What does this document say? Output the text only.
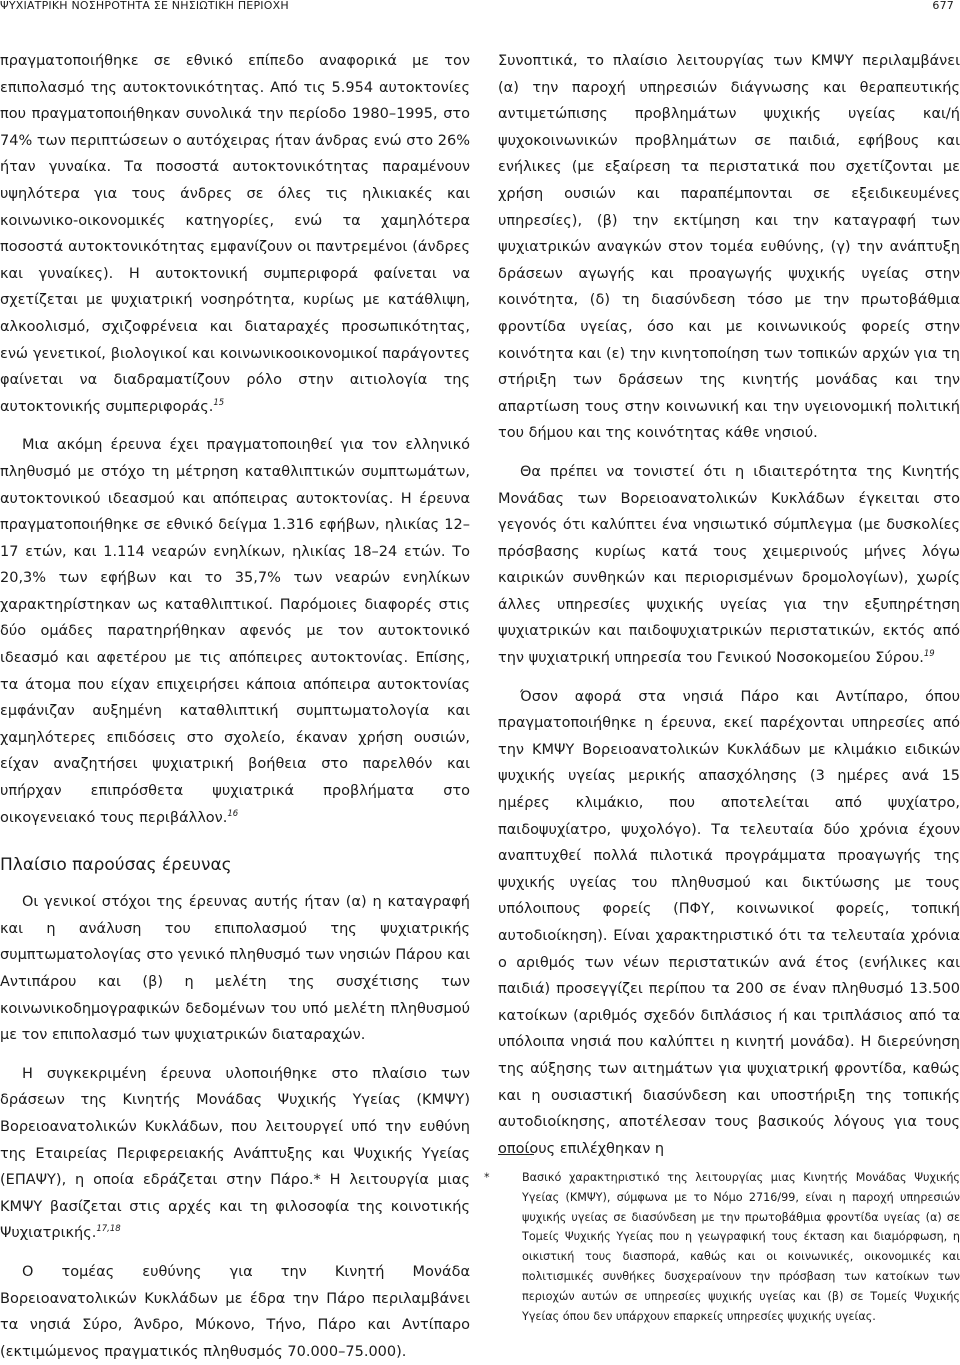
ΨΥΧΙΑΤΡΙΚΗ ΝΟΣΗΡΟΤΗΤΑ ΣΕ ΝΗΣΙΩΤΙΚΗ ΠΕΡΙΟΧΗ	677

πραγματοποιήθηκε σε εθνικό επίπεδο αναφορικά με τον επιπολασμό της αυτοκτονικότητας. Από τις 5.954 αυτοκτονίες που πραγματοποιήθηκαν συνολικά την περίοδο 1980–1995, στο 74% των περιπτώσεων ο αυτόχειρας ήταν άνδρας ενώ στο 26% ήταν γυναίκα. Τα ποσοστά αυτοκτονικότητας παραμένουν υψηλότερα για τους άνδρες σε όλες τις ηλικιακές και κοινωνικο-οικονομικές κατηγορίες, ενώ τα χαμηλότερα ποσοστά αυτοκτονικότητας εμφανίζουν οι παντρεμένοι (άνδρες και γυναίκες). Η αυτοκτονική συμπεριφορά φαίνεται να σχετίζεται με ψυχιατρική νοσηρότητα, κυρίως με κατάθλιψη, αλκοολισμό, σχιζοφρένεια και διαταραχές προσωπικότητας, ενώ γενετικοί, βιολογικοί και κοινωνικοοικονομικοί παράγοντες φαίνεται να διαδραματίζουν ρόλο στην αιτιολογία της αυτοκτονικής συμπεριφοράς.$^{15}$

Μια ακόμη έρευνα έχει πραγματοποιηθεί για τον ελληνικό πληθυσμό με στόχο τη μέτρηση καταθλιπτικών συμπτωμάτων, αυτοκτονικού ιδεασμού και απόπειρας αυτοκτονίας. Η έρευνα πραγματοποιήθηκε σε εθνικό δείγμα 1.316 εφήβων, ηλικίας 12–17 ετών, και 1.114 νεαρών ενηλίκων, ηλικίας 18–24 ετών. Το 20,3% των εφήβων και το 35,7% των νεαρών ενηλίκων χαρακτηρίστηκαν ως καταθλιπτικοί. Παρόμοιες διαφορές στις δύο ομάδες παρατηρήθηκαν αφενός με τον αυτοκτονικό ιδεασμό και αφετέρου με τις απόπειρες αυτοκτονίας. Επίσης, τα άτομα που είχαν επιχειρήσει κάποια απόπειρα αυτοκτονίας εμφάνιζαν αυξημένη καταθλιπτική συμπτωματολογία και χαμηλότερες επιδόσεις στο σχολείο, έκαναν χρήση ουσιών, είχαν αναζητήσει ψυχιατρική βοήθεια στο παρελθόν και υπήρχαν επιπρόσθετα ψυχιατρικά προβλήματα στο οικογενειακό τους περιβάλλον.$^{16}$

Πλαίσιο παρούσας έρευνας

Οι γενικοί στόχοι της έρευνας αυτής ήταν (α) η καταγραφή και η ανάλυση του επιπολασμού της ψυχιατρικής συμπτωματολογίας στο γενικό πληθυσμό των νησιών Πάρου και Αντιπάρου και (β) η μελέτη της συσχέτισης των κοινωνικοδημογραφικών δεδομένων του υπό μελέτη πληθυσμού με τον επιπολασμό των ψυχιατρικών διαταραχών.

Η συγκεκριμένη έρευνα υλοποιήθηκε στο πλαίσιο των δράσεων της Κινητής Μονάδας Ψυχικής Υγείας (ΚΜΨΥ) Βορειοανατολικών Κυκλάδων, που λειτουργεί υπό την ευθύνη της Εταιρείας Περιφερειακής Ανάπτυξης και Ψυχικής Υγείας (ΕΠΑΨΥ), η οποία εδράζεται στην Πάρο.* Η λειτουργία μιας ΚΜΨΥ βασίζεται στις αρχές και τη φιλοσοφία της κοινοτικής Ψυχιατρικής.$^{17,18}$

Ο τομέας ευθύνης για την Κινητή Μονάδα Βορειοανατολικών Κυκλάδων με έδρα την Πάρο περιλαμβάνει τα νησιά Σύρο, Άνδρο, Μύκονο, Τήνο, Πάρο και Αντίπαρο (εκτιμώμενος πραγματικός πληθυσμός 70.000–75.000).

Συνοπτικά, το πλαίσιο λειτουργίας των ΚΜΨΥ περιλαμβάνει (α) την παροχή υπηρεσιών διάγνωσης και θεραπευτικής αντιμετώπισης προβλημάτων ψυχικής υγείας και/ή ψυχοκοινωνικών προβλημάτων σε παιδιά, εφήβους και ενήλικες (με εξαίρεση τα περιστατικά που σχετίζονται με χρήση ουσιών και παραπέμπονται σε εξειδικευμένες υπηρεσίες), (β) την εκτίμηση και την καταγραφή των ψυχιατρικών αναγκών στον τομέα ευθύνης, (γ) την ανάπτυξη δράσεων αγωγής και προαγωγής ψυχικής υγείας στην κοινότητα, (δ) τη διασύνδεση τόσο με την πρωτοβάθμια φροντίδα υγείας, όσο και με κοινωνικούς φορείς στην κοινότητα και (ε) την κινητοποίηση των τοπικών αρχών για τη στήριξη των δράσεων της κινητής μονάδας και την απαρτίωση τους στην κοινωνική και την υγειονομική πολιτική του δήμου και της κοινότητας κάθε νησιού.

Θα πρέπει να τονιστεί ότι η ιδιαιτερότητα της Κινητής Μονάδας των Βορειοανατολικών Κυκλάδων έγκειται στο γεγονός ότι καλύπτει ένα νησιωτικό σύμπλεγμα (με δυσκολίες πρόσβασης κυρίως κατά τους χειμερινούς μήνες λόγω καιρικών συνθηκών και περιορισμένων δρομολογίων), χωρίς άλλες υπηρεσίες ψυχικής υγείας για την εξυπηρέτηση ψυχιατρικών και παιδοψυχιατρικών περιστατικών, εκτός από την ψυχιατρική υπηρεσία του Γενικού Νοσοκομείου Σύρου.$^{19}$

Όσον αφορά στα νησιά Πάρο και Αντίπαρο, όπου πραγματοποιήθηκε η έρευνα, εκεί παρέχονται υπηρεσίες από την ΚΜΨΥ Βορειοανατολικών Κυκλάδων με κλιμάκιο ειδικών ψυχικής υγείας μερικής απασχόλησης (3 ημέρες ανά 15 ημέρες κλιμάκιο, που αποτελείται από ψυχίατρο, παιδοψυχίατρο, ψυχολόγο). Τα τελευταία δύο χρόνια έχουν αναπτυχθεί πολλά πιλοτικά προγράμματα προαγωγής της ψυχικής υγείας του πληθυσμού και δικτύωσης με τους υπόλοιπους φορείς (ΠΦΥ, κοινωνικοί φορείς, τοπική αυτοδιοίκηση). Είναι χαρακτηριστικό ότι τα τελευταία χρόνια ο αριθμός των νέων περιστατικών ανά έτος (ενήλικες και παιδιά) προσεγγίζει περίπου τα 200 σε έναν πληθυσμό 13.500 κατοίκων (αριθμός σχεδόν διπλάσιος ή και τριπλάσιος από τα υπόλοιπα νησιά που καλύπτει η κινητή μονάδα). Η διερεύνηση της αύξησης των αιτημάτων για ψυχιατρική φροντίδα, καθώς και η ουσιαστική διασύνδεση και υποστήριξη της τοπικής αυτοδιοίκησης, αποτέλεσαν τους βασικούς λόγους για τους οποίους επιλέχθηκαν η

*	Βασικό χαρακτηριστικό της λειτουργίας μιας Κινητής Μονάδας Ψυχικής Υγείας (ΚΜΨΥ), σύμφωνα με το Νόμο 2716/99, είναι η παροχή υπηρεσιών ψυχικής υγείας σε διασύνδεση με την πρωτοβάθμια φροντίδα υγείας (α) σε Τομείς Ψυχικής Υγείας που η γεωγραφική τους έκταση και διαμόρφωση, η οικιστική τους διασπορά, καθώς και οι κοινωνικές, οικονομικές και πολιτισμικές συνθήκες δυσχεραίνουν την πρόσβαση των κατοίκων των περιοχών αυτών σε υπηρεσίες ψυχικής υγείας και (β) σε Τομείς Ψυχικής Υγείας όπου δεν υπάρχουν επαρκείς υπηρεσίες ψυχικής υγείας.
